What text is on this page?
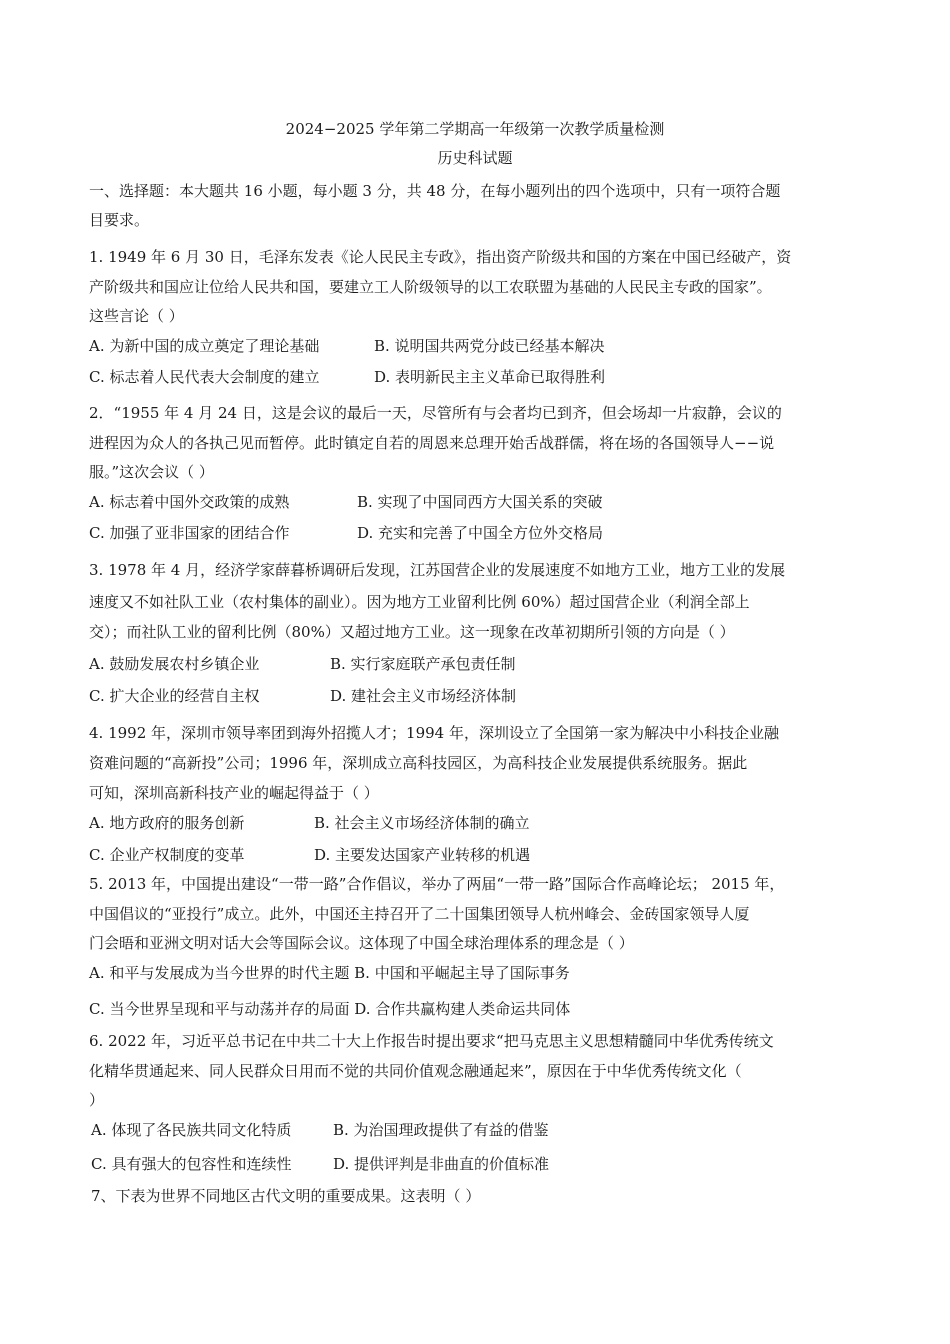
2024−2025 学年第二学期高一年级第一次教学质量检测
历史科试题
一、选择题：本大题共 16 小题，每小题 3 分，共 48 分，在每小题列出的四个选项中，只有一项符合题
目要求。
1. 1949 年 6 月 30 日，毛泽东发表《论人民民主专政》，指出资产阶级共和国的方案在中国已经破产，资
产阶级共和国应让位给人民共和国，要建立工人阶级领导的以工农联盟为基础的人民民主专政的国家”。
这些言论（ ）
A. 为新中国的成立奠定了理论基础	B. 说明国共两党分歧已经基本解决
C. 标志着人民代表大会制度的建立	D. 表明新民主主义革命已取得胜利
2．“1955 年 4 月 24 日，这是会议的最后一天，尽管所有与会者均已到齐，但会场却一片寂静，会议的
进程因为众人的各执己见而暂停。此时镇定自若的周恩来总理开始舌战群儒，将在场的各国领导人−−说
服。”这次会议（ ）
A. 标志着中国外交政策的成熟	B. 实现了中国同西方大国关系的突破
C. 加强了亚非国家的团结合作	D. 充实和完善了中国全方位外交格局
3. 1978 年 4 月，经济学家薛暮桥调研后发现，江苏国营企业的发展速度不如地方工业，地方工业的发展
速度又不如社队工业（农村集体的副业）。因为地方工业留利比例 60%）超过国营企业（利润全部上
交）；而社队工业的留利比例（80%）又超过地方工业。这一现象在改革初期所引领的方向是（ ）
A. 鼓励发展农村乡镇企业	B. 实行家庭联产承包责任制
C. 扩大企业的经营自主权	D. 建社会主义市场经济体制
4. 1992 年，深圳市领导率团到海外招揽人才；1994 年，深圳设立了全国第一家为解决中小科技企业融
资难问题的“高新投”公司；1996 年，深圳成立高科技园区，为高科技企业发展提供系统服务。据此
可知，深圳高新科技产业的崛起得益于（ ）
A. 地方政府的服务创新	B. 社会主义市场经济体制的确立
C. 企业产权制度的变革	D. 主要发达国家产业转移的机遇
5. 2013 年，中国提出建设“一带一路”合作倡议，举办了两届“一带一路”国际合作高峰论坛； 2015 年，
中国倡议的“亚投行”成立。此外，中国还主持召开了二十国集团领导人杭州峰会、金砖国家领导人厦
门会晤和亚洲文明对话大会等国际会议。这体现了中国全球治理体系的理念是（ ）
A. 和平与发展成为当今世界的时代主题 B. 中国和平崛起主导了国际事务
C. 当今世界呈现和平与动荡并存的局面 D. 合作共赢构建人类命运共同体
6. 2022 年，习近平总书记在中共二十大上作报告时提出要求“把马克思主义思想精髓同中华优秀传统文
化精华贯通起来、同人民群众日用而不觉的共同价值观念融通起来”，原因在于中华优秀传统文化（
）
A. 体现了各民族共同文化特质	B. 为治国理政提供了有益的借鉴
C. 具有强大的包容性和连续性	D. 提供评判是非曲直的价值标准
7、下表为世界不同地区古代文明的重要成果。这表明（ ）
